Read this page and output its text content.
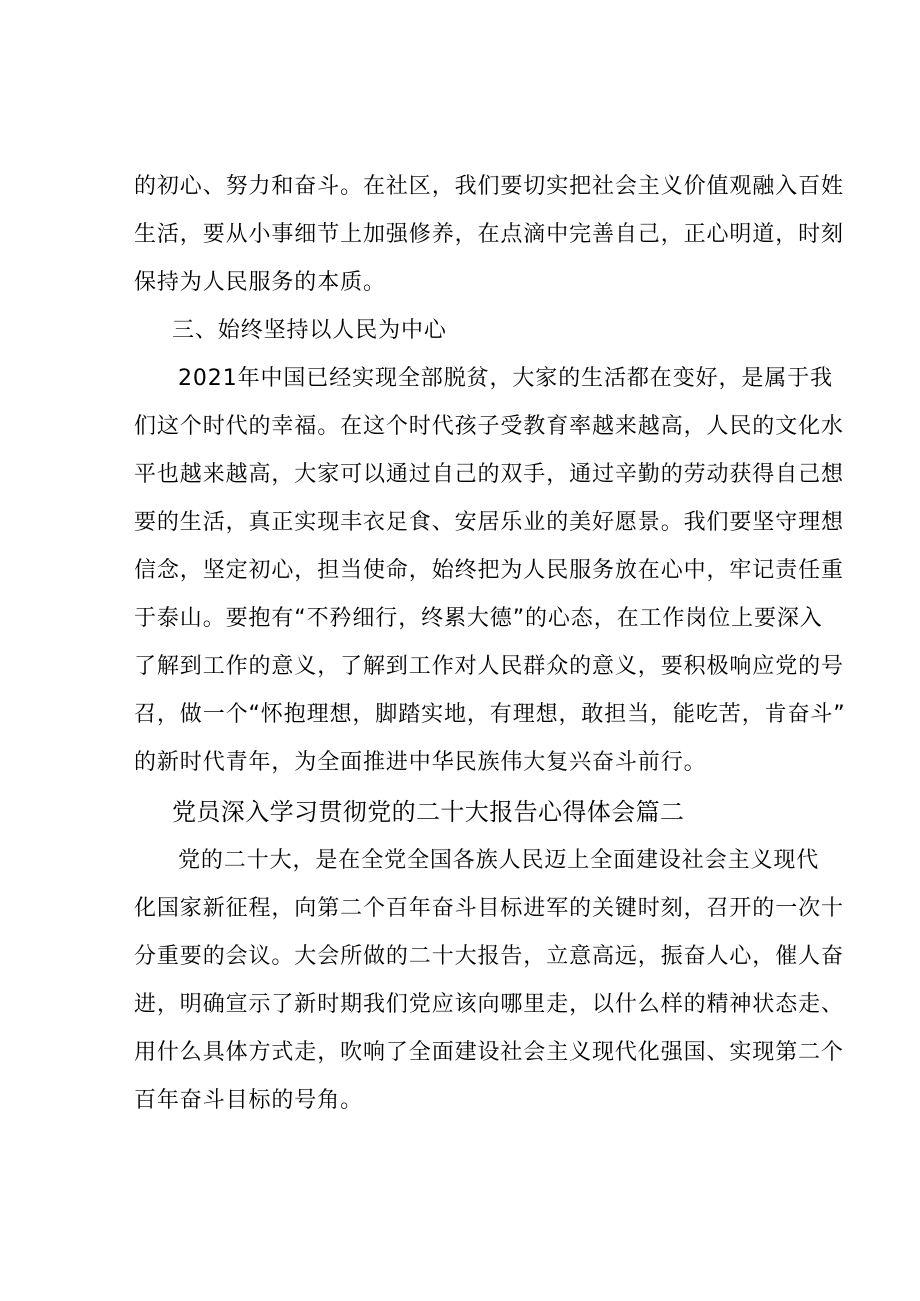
的初心、努力和奋斗。在社区，我们要切实把社会主义价值观融入百姓
生活，要从小事细节上加强修养，在点滴中完善自己，正心明道，时刻
保持为人民服务的本质。
三、始终坚持以人民为中心
2021年中国已经实现全部脱贫，大家的生活都在变好，是属于我
们这个时代的幸福。在这个时代孩子受教育率越来越高，人民的文化水
平也越来越高，大家可以通过自己的双手，通过辛勤的劳动获得自己想
要的生活，真正实现丰衣足食、安居乐业的美好愿景。我们要坚守理想
信念，坚定初心，担当使命，始终把为人民服务放在心中，牢记责任重
于泰山。要抱有“不矜细行，终累大德”的心态，在工作岗位上要深入
了解到工作的意义，了解到工作对人民群众的意义，要积极响应党的号
召，做一个“怀抱理想，脚踏实地，有理想，敢担当，能吃苦，肯奋斗”
的新时代青年，为全面推进中华民族伟大复兴奋斗前行。
党员深入学习贯彻党的二十大报告心得体会篇二
党的二十大，是在全党全国各族人民迈上全面建设社会主义现代
化国家新征程，向第二个百年奋斗目标进军的关键时刻，召开的一次十
分重要的会议。大会所做的二十大报告，立意高远，振奋人心，催人奋
进，明确宣示了新时期我们党应该向哪里走，以什么样的精神状态走、
用什么具体方式走，吹响了全面建设社会主义现代化强国、实现第二个
百年奋斗目标的号角。
